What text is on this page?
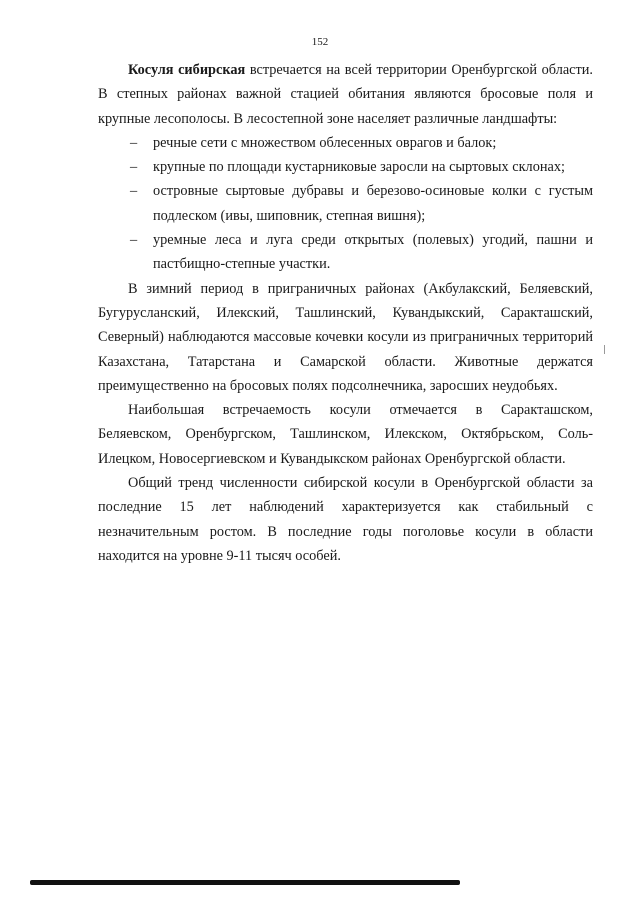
152

Косуля сибирская встречается на всей территории Оренбургской области. В степных районах важной стацией обитания являются бросовые поля и крупные лесополосы. В лесостепной зоне населяет различные ландшафты:

– речные сети с множеством облесенных оврагов и балок;
– крупные по площади кустарниковые заросли на сыртовых склонах;
– островные сыртовые дубравы и березово-осиновые колки с густым подлеском (ивы, шиповник, степная вишня);
– уремные леса и луга среди открытых (полевых) угодий, пашни и пастбищно-степные участки.

В зимний период в приграничных районах (Акбулакский, Беляевский, Бугурусланский, Илекский, Ташлинский, Кувандыкский, Саракташский, Северный) наблюдаются массовые кочевки косули из приграничных территорий Казахстана, Татарстана и Самарской области. Животные держатся преимущественно на бросовых полях подсолнечника, заросших неудобьях.

Наибольшая встречаемость косули отмечается в Саракташском, Беляевском, Оренбургском, Ташлинском, Илекском, Октябрьском, Соль-Илецком, Новосергиевском и Кувандыкском районах Оренбургской области.

Общий тренд численности сибирской косули в Оренбургской области за последние 15 лет наблюдений характеризуется как стабильный с незначительным ростом. В последние годы поголовье косули в области находится на уровне 9-11 тысяч особей.
